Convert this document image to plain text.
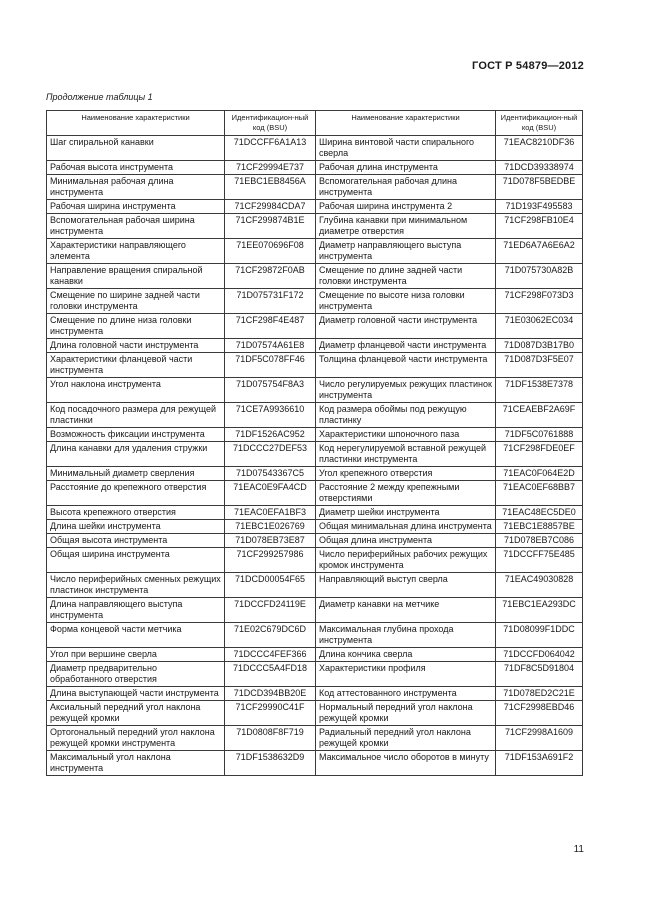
ГОСТ Р 54879—2012
Продолжение таблицы 1
Наименование характеристики	Идентификацион-ный код (BSU)	Наименование характеристики	Идентификацион-ный код (BSU)
Шаг спиральной канавки	71DCCFF6A1A13	Ширина винтовой части спирального сверла	71EAC8210DF36
Рабочая высота инструмента	71CF29994E737	Рабочая длина инструмента	71DCD39338974
Минимальная рабочая длина инструмента	71EBC1EB8456A	Вспомогательная рабочая длина инструмента	71D078F5BEDBE
Рабочая ширина инструмента	71CF29984CDA7	Рабочая ширина инструмента 2	71D193F495583
Вспомогательная рабочая ширина инструмента	71CF299874B1E	Глубина канавки при минимальном диаметре отверстия	71CF298FB10E4
Характеристики направляющего элемента	71EE070696F08	Диаметр направляющего выступа инструмента	71ED6A7A6E6A2
Направление вращения спиральной канавки	71CF29872F0AB	Смещение по длине задней части головки инструмента	71D075730A82B
Смещение по ширине задней части головки инструмента	71D075731F172	Смещение по высоте низа головки инструмента	71CF298F073D3
Смещение по длине низа головки инструмента	71CF298F4E487	Диаметр головной части инструмента	71E03062EC034
Длина головной части инструмента	71D07574A61E8	Диаметр фланцевой части инструмента	71D087D3B17B0
Характеристики фланцевой части инструмента	71DF5C078FF46	Толщина фланцевой части инструмента	71D087D3F5E07
Угол наклона инструмента	71D075754F8A3	Число регулируемых режущих пластинок инструмента	71DF1538E7378
Код посадочного размера для режущей пластинки	71CE7A9936610	Код размера обоймы под режущую пластинку	71CEAEBF2A69F
Возможность фиксации инструмента	71DF1526AC952	Характеристики шпоночного паза	71DF5C0761888
Длина канавки для удаления стружки	71DCCC27DEF53	Код нерегулируемой вставной режущей пластинки инструмента	71CF298FDE0EF
Минимальный диаметр сверления	71D07543367C5	Угол крепежного отверстия	71EAC0F064E2D
Расстояние до крепежного отверстия	71EAC0E9FA4CD	Расстояние 2 между крепежными отверстиями	71EAC0EF68BB7
Высота крепежного отверстия	71EAC0EFA1BF3	Диаметр шейки инструмента	71EAC48EC5DE0
Длина шейки инструмента	71EBC1E026769	Общая минимальная длина инструмента	71EBC1E8857BE
Общая высота инструмента	71D078EB73E87	Общая длина инструмента	71D078EB7C086
Общая ширина инструмента	71CF299257986	Число периферийных рабочих режущих кромок инструмента	71DCCFF75E485
Число периферийных сменных режущих пластинок инструмента	71DCD00054F65	Направляющий выступ сверла	71EAC49030828
Длина направляющего выступа инструмента	71DCCFD24119E	Диаметр канавки на метчике	71EBC1EA293DC
Форма концевой части метчика	71E02C679DC6D	Максимальная глубина прохода инструмента	71D08099F1DDC
Угол при вершине сверла	71DCCC4FEF366	Длина кончика сверла	71DCCFD064042
Диаметр предварительно обработанного отверстия	71DCCC5A4FD18	Характеристики профиля	71DF8C5D91804
Длина выступающей части инструмента	71DCD394BB20E	Код аттестованного инструмента	71D078ED2C21E
Аксиальный передний угол наклона режущей кромки	71CF29990C41F	Нормальный передний угол наклона режущей кромки	71CF2998EBD46
Ортогональный передний угол наклона режущей кромки инструмента	71D0808F8F719	Радиальный передний угол наклона режущей кромки	71CF2998A1609
Максимальный угол наклона инструмента	71DF1538632D9	Максимальное число оборотов в минуту	71DF153A691F2
11
